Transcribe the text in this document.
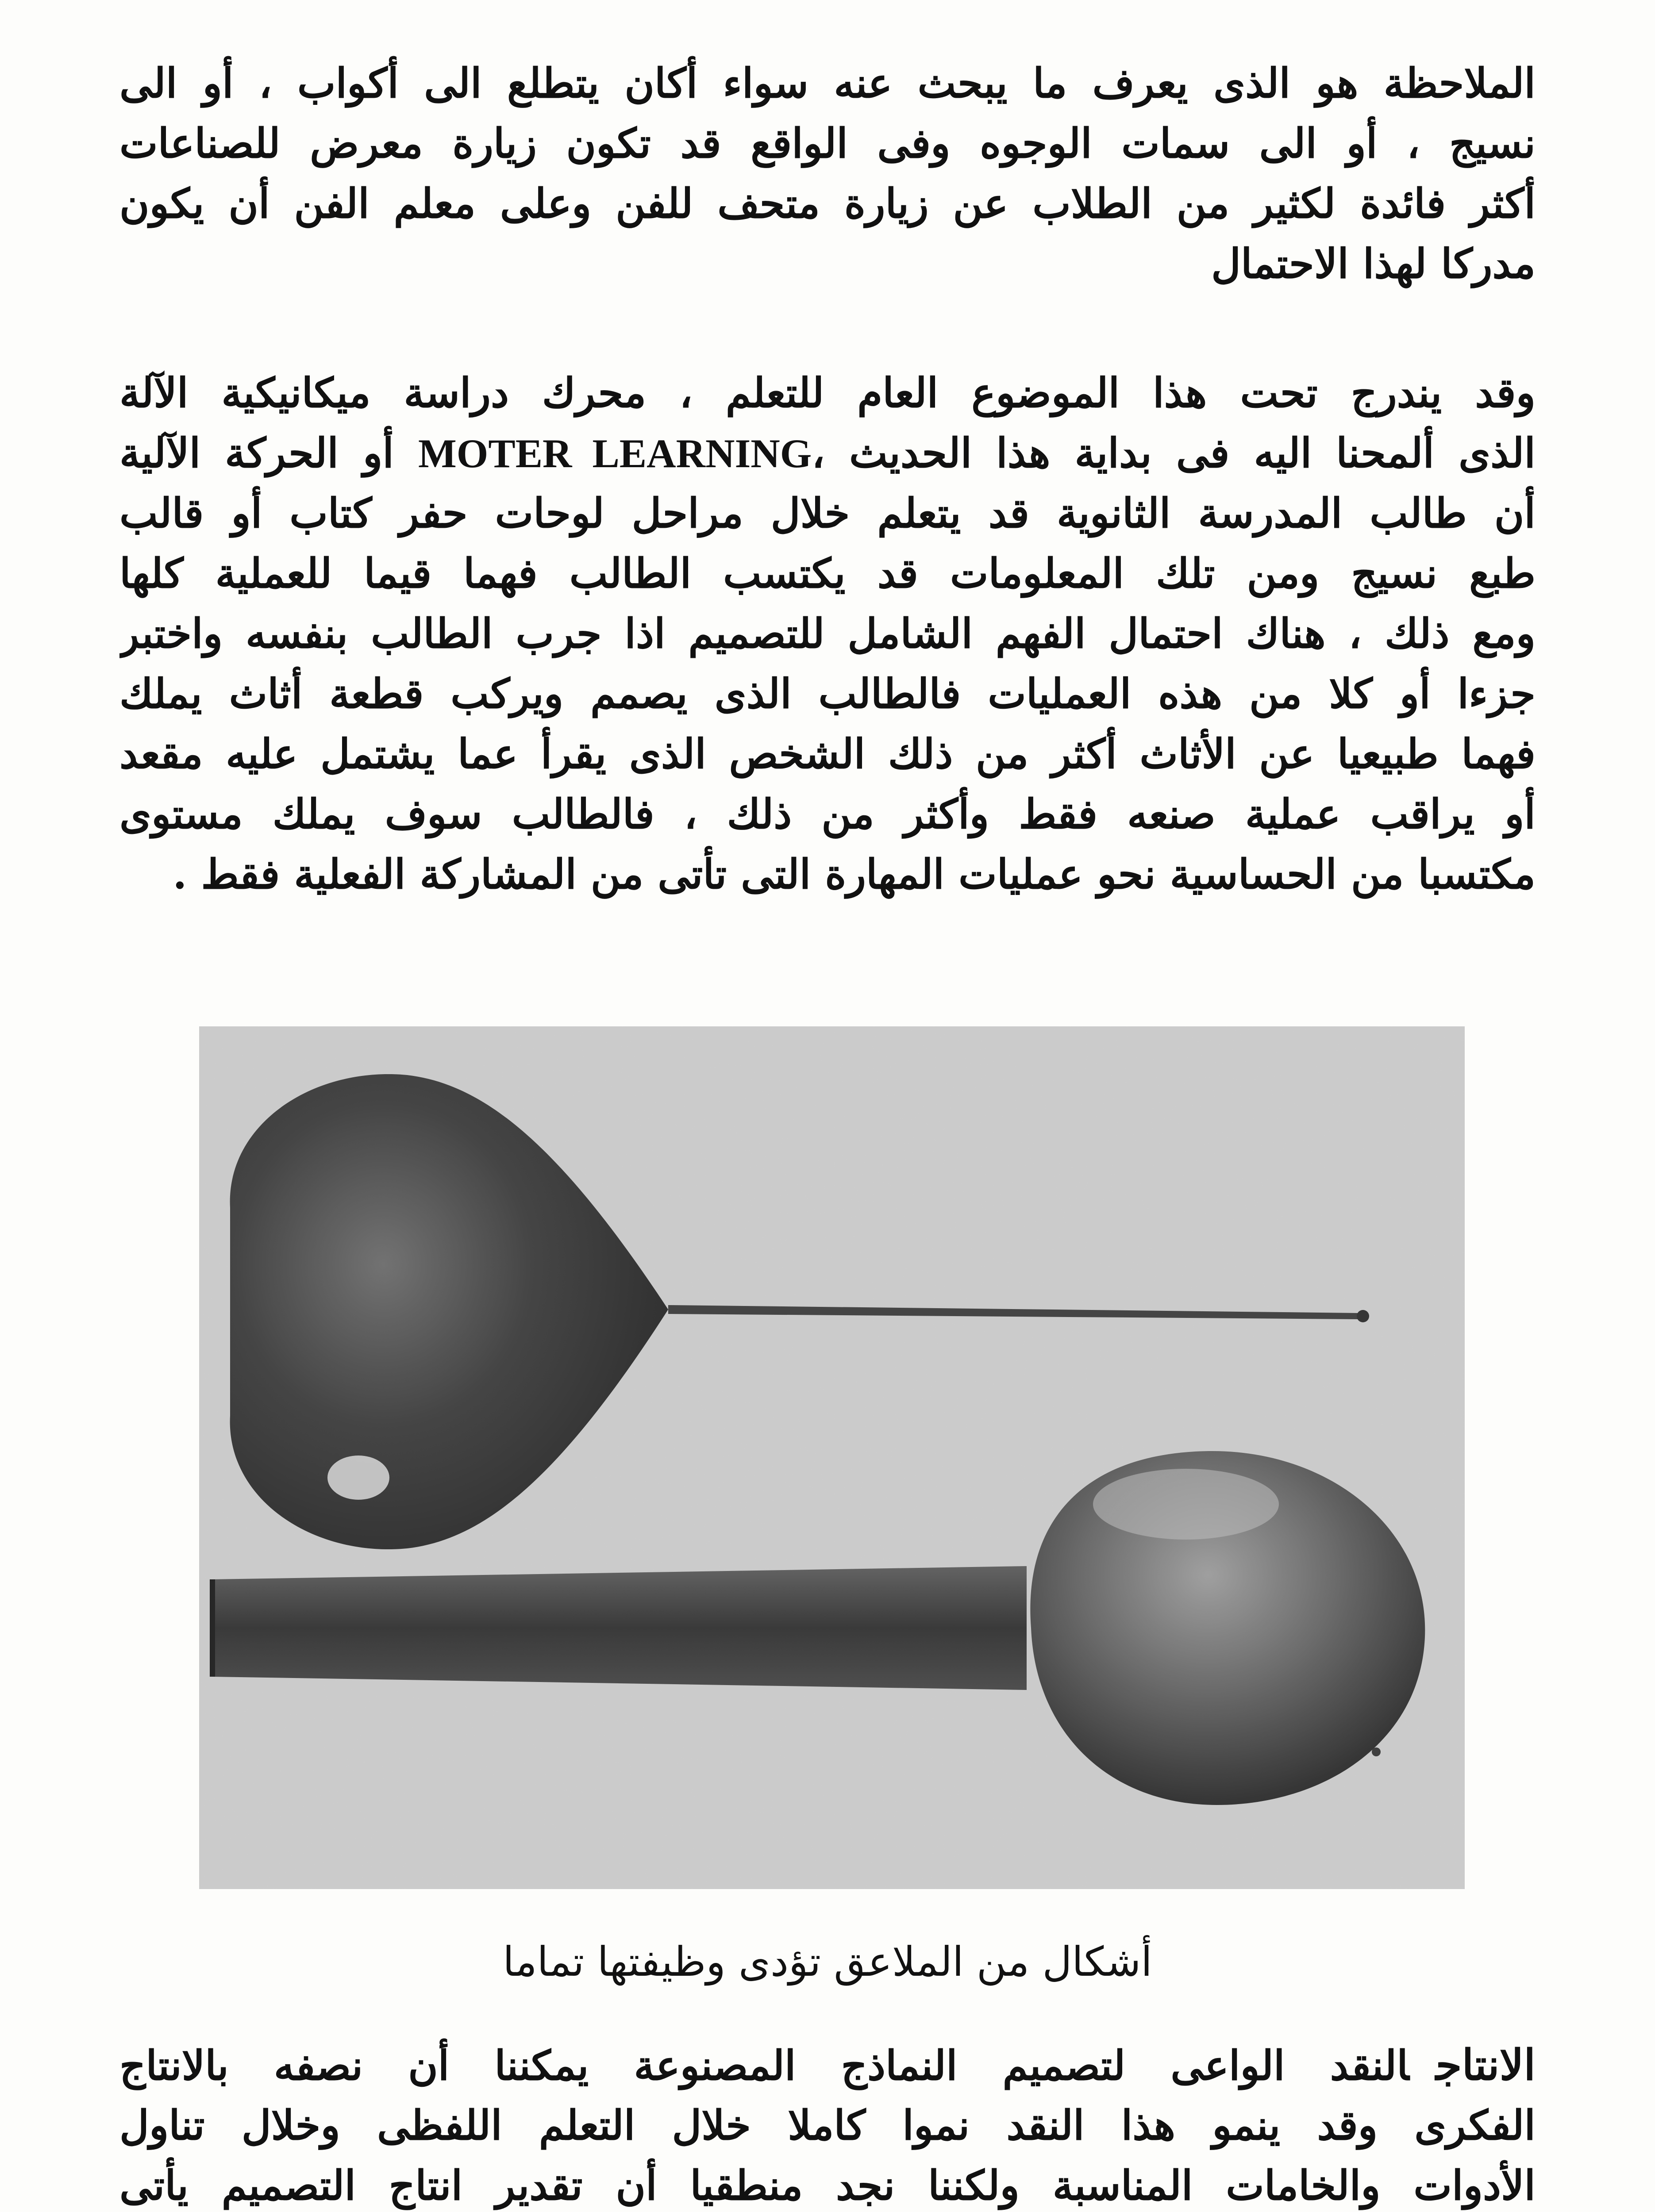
الملاحظة هو الذى يعرف ما يبحث عنه سواء أكان يتطلع الى أكواب ، أو الى
نسيج ، أو الى سمات الوجوه وفى الواقع قد تكون زيارة معرض للصناعات
أكثر فائدة لكثير من الطلاب عن زيارة متحف للفن وعلى معلم الفن أن يكون
مدركا لهذا الاحتمال
وقد يندرج تحت هذا الموضوع العام للتعلم ، محرك دراسة ميكانيكية الآلة
الذى ألمحنا اليه فى بداية هذا الحديث ،MOTER LEARNING أو الحركة الآلية
أن طالب المدرسة الثانوية قد يتعلم خلال مراحل لوحات حفر كتاب أو قالب
طبع نسيج ومن تلك المعلومات قد يكتسب الطالب فهما قيما للعملية كلها
ومع ذلك ، هناك احتمال الفهم الشامل للتصميم اذا جرب الطالب بنفسه واختبر
جزءا أو كلا من هذه العمليات فالطالب الذى يصمم ويركب قطعة أثاث يملك
فهما طبيعيا عن الأثاث أكثر من ذلك الشخص الذى يقرأ عما يشتمل عليه مقعد
أو يراقب عملية صنعه فقط وأكثر من ذلك ، فالطالب سوف يملك مستوى
مكتسبا من الحساسية نحو عمليات المهارة التى تأتى من المشاركة الفعلية فقط .
أشكال من الملاعق تؤدى وظيفتها تماما
الانتاجالنقد الواعى لتصميم النماذج المصنوعة يمكننا أن نصفه بالانتاج
الفكرى وقد ينمو هذا النقد نموا كاملا خلال التعلم اللفظى وخلال تناول
الأدوات والخامات المناسبة ولكننا نجد منطقيا أن تقدير انتاج التصميم يأتى
